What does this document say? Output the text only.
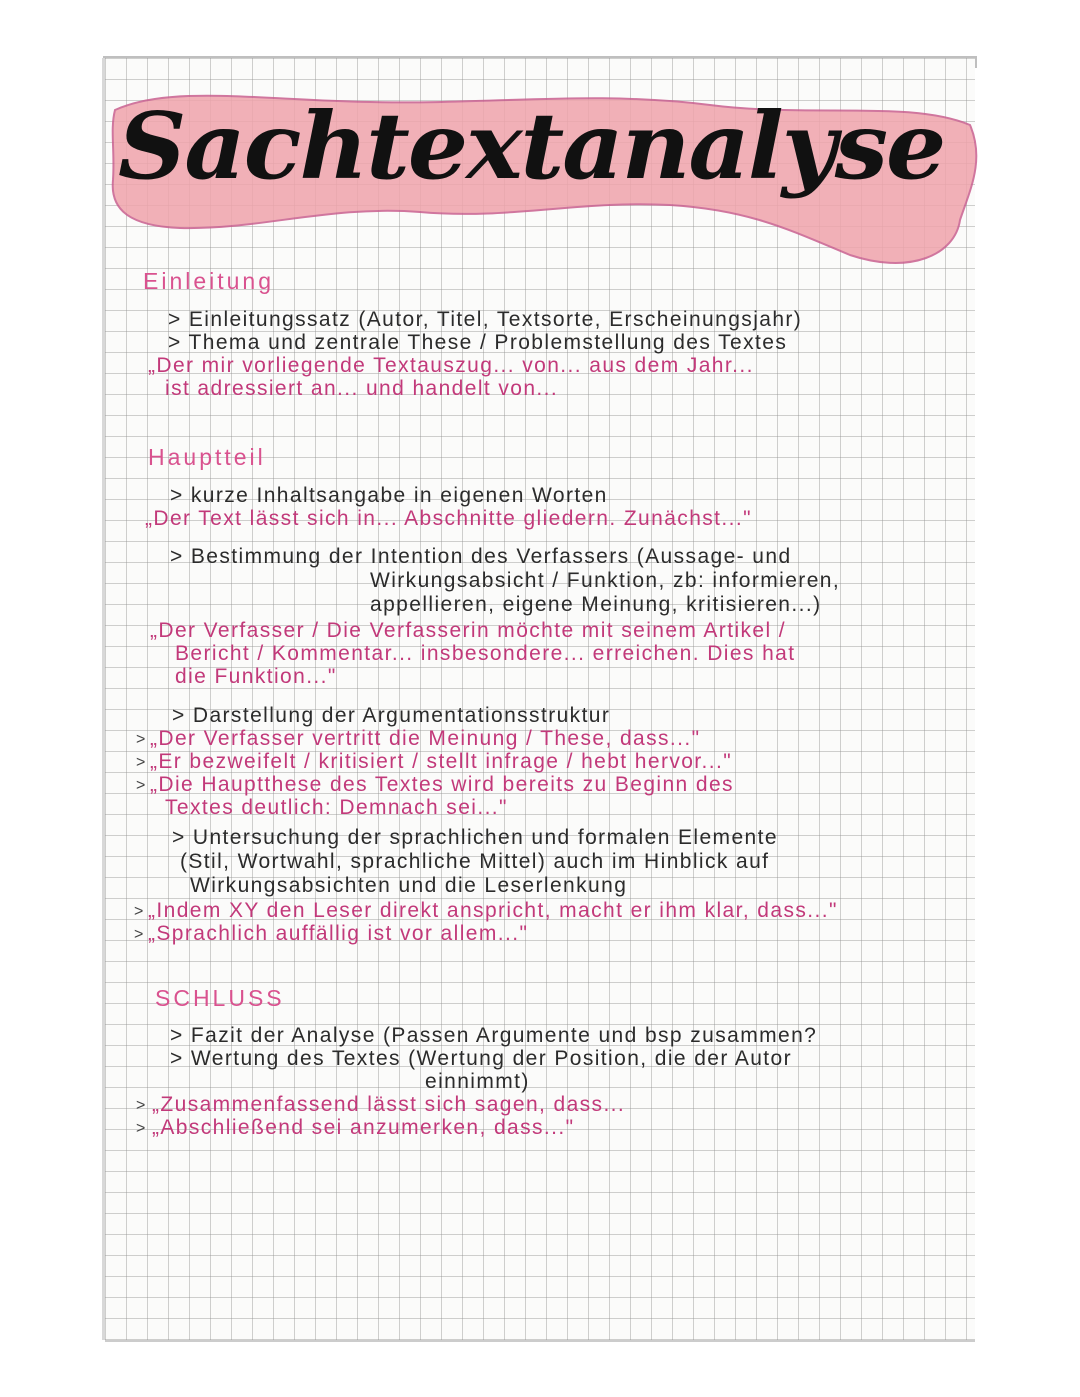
Sachtextanalyse
Einleitung
> Einleitungssatz (Autor, Titel, Textsorte, Erscheinungsjahr)
> Thema und zentrale These / Problemstellung des Textes
„Der mir vorliegende Textauszug... von... aus dem Jahr...
ist adressiert an... und handelt von...
Hauptteil
> kurze Inhaltsangabe in eigenen Worten
„Der Text lässt sich in... Abschnitte gliedern. Zunächst..."
> Bestimmung der Intention des Verfassers (Aussage- und
Wirkungsabsicht / Funktion, zb: informieren,
appellieren, eigene Meinung, kritisieren...)
„Der Verfasser / Die Verfasserin möchte mit seinem Artikel /
Bericht / Kommentar... insbesondere... erreichen. Dies hat
die Funktion..."
> Darstellung der Argumentationsstruktur
„Der Verfasser vertritt die Meinung / These, dass..."
„Er bezweifelt / kritisiert / stellt infrage / hebt hervor..."
„Die Hauptthese des Textes wird bereits zu Beginn des
Textes deutlich: Demnach sei..."
> Untersuchung der sprachlichen und formalen Elemente
(Stil, Wortwahl, sprachliche Mittel) auch im Hinblick auf
Wirkungsabsichten und die Leserlenkung
„Indem XY den Leser direkt anspricht, macht er ihm klar, dass..."
„Sprachlich auffällig ist vor allem..."
SCHLUSS
> Fazit der Analyse (Passen Argumente und bsp zusammen?
> Wertung des Textes (Wertung der Position, die der Autor
einnimmt)
„Zusammenfassend lässt sich sagen, dass...
„Abschließend sei anzumerken, dass..."
>
>
>
>
>
>
>
